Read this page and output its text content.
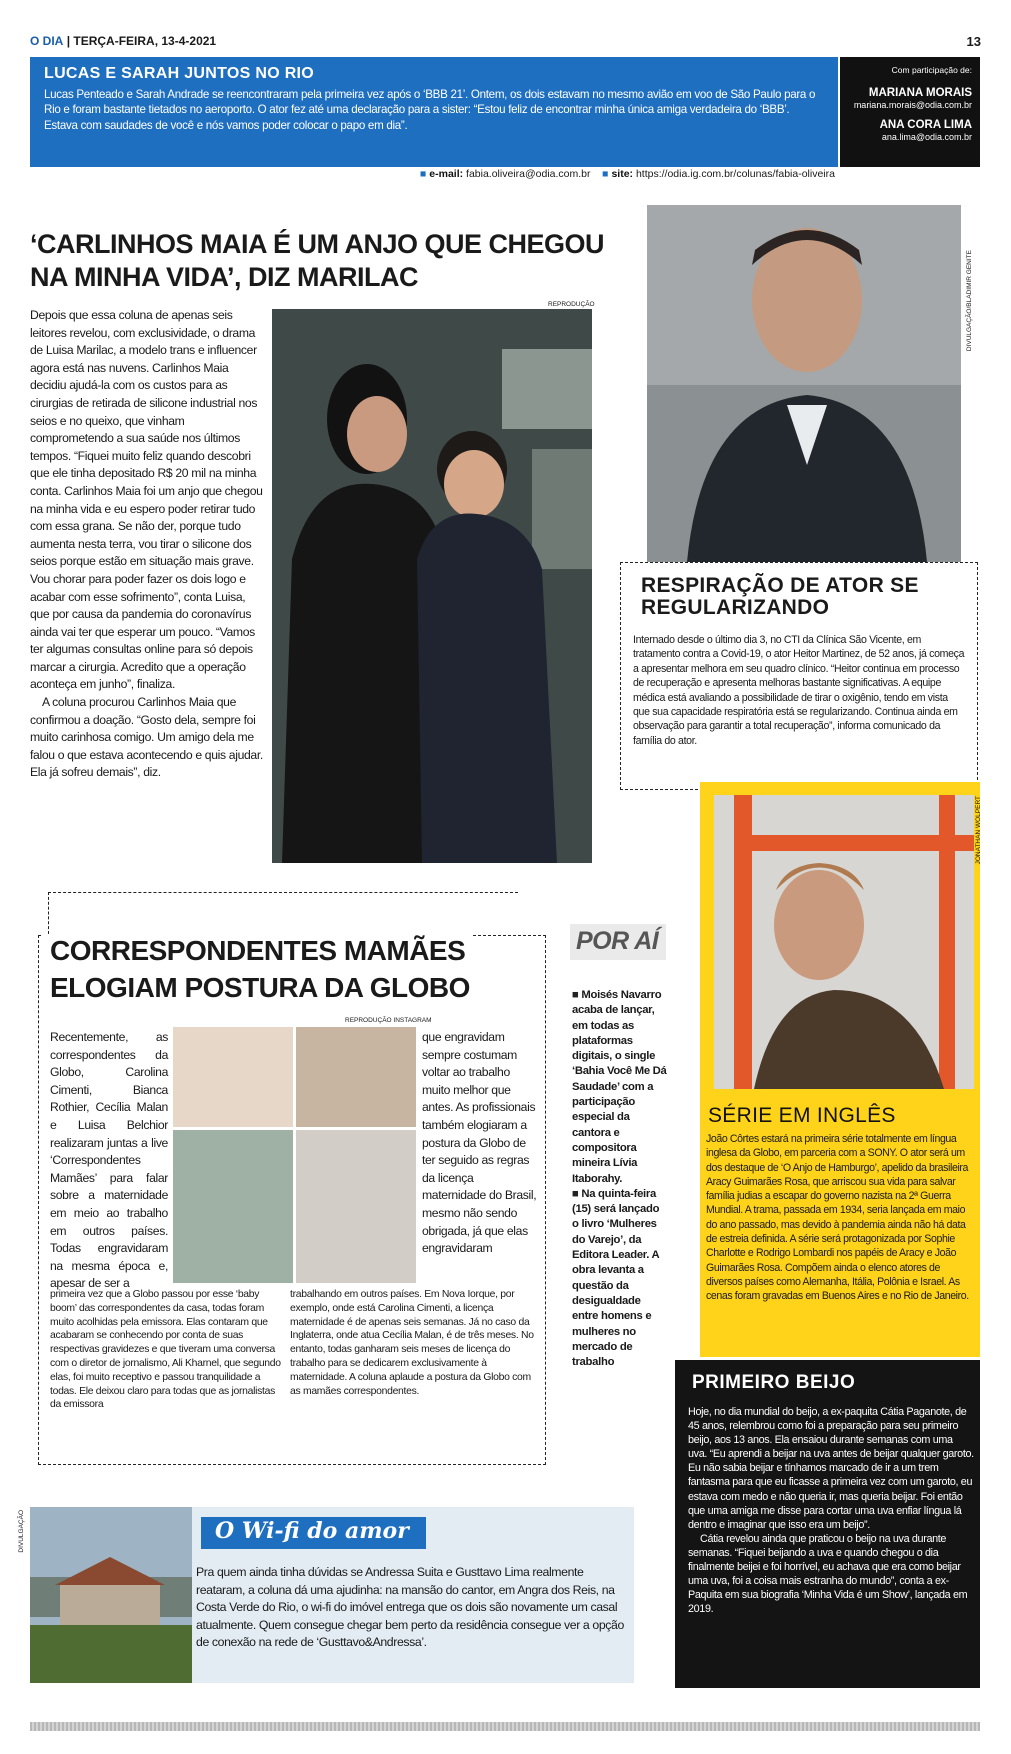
O DIA | TERÇA-FEIRA, 13-4-2021	13
LUCAS E SARAH JUNTOS NO RIO

Lucas Penteado e Sarah Andrade se reencontraram pela primeira vez após o ‘BBB 21’. Ontem, os dois estavam no mesmo avião em voo de São Paulo para o Rio e foram bastante tietados no aeroporto. O ator fez até uma declaração para a sister: “Estou feliz de encontrar minha única amiga verdadeira do ‘BBB’. Estava com saudades de você e nós vamos poder colocar o papo em dia”.

Com participação de:
MARIANA MORAIS
mariana.morais@odia.com.br
ANA CORA LIMA
ana.lima@odia.com.br
■ e-mail: fabia.oliveira@odia.com.br ■ site: https://odia.ig.com.br/colunas/fabia-oliveira
‘CARLINHOS MAIA É UM ANJO QUE CHEGOU NA MINHA VIDA’, DIZ MARILAC
REPRODUÇÃO

Depois que essa coluna de apenas seis leitores revelou, com exclusividade, o drama de Luisa Marilac, a modelo trans e influencer agora está nas nuvens. Carlinhos Maia decidiu ajudá-la com os custos para as cirurgias de retirada de silicone industrial nos seios e no queixo, que vinham comprometendo a sua saúde nos últimos tempos. “Fiquei muito feliz quando descobri que ele tinha depositado R$ 20 mil na minha conta. Carlinhos Maia foi um anjo que chegou na minha vida e eu espero poder retirar tudo com essa grana. Se não der, porque tudo aumenta nesta terra, vou tirar o silicone dos seios porque estão em situação mais grave. Vou chorar para poder fazer os dois logo e acabar com esse sofrimento”, conta Luisa, que por causa da pandemia do coronavírus ainda vai ter que esperar um pouco. “Vamos ter algumas consultas online para só depois marcar a cirurgia. Acredito que a operação aconteça em junho”, finaliza.

A coluna procurou Carlinhos Maia que confirmou a doação. “Gosto dela, sempre foi muito carinhosa comigo. Um amigo dela me falou o que estava acontecendo e quis ajudar. Ela já sofreu demais”, diz.

DIVULGAÇÃO/BLADIMIR GENITE
RESPIRAÇÃO DE ATOR SE REGULARIZANDO

Internado desde o último dia 3, no CTI da Clínica São Vicente, em tratamento contra a Covid-19, o ator Heitor Martinez, de 52 anos, já começa a apresentar melhora em seu quadro clínico. “Heitor continua em processo de recuperação e apresenta melhoras bastante significativas. A equipe médica está avaliando a possibilidade de tirar o oxigênio, tendo em vista que sua capacidade respiratória está se regularizando. Continua ainda em observação para garantir a total recuperação”, informa comunicado da família do ator.

CORRESPONDENTES MAMÃES
ELOGIAM POSTURA DA GLOBO
REPRODUÇÃO INSTAGRAM
Recentemente, as correspondentes da Globo, Carolina Cimenti, Bianca Rothier, Cecília Malan e Luisa Belchior realizaram juntas a live ‘Correspondentes Mamães’ para falar sobre a maternidade em meio ao trabalho em outros países. Todas engravidaram na mesma época e, apesar de ser a
que engravidam sempre costumam voltar ao trabalho muito melhor que antes. As profissionais também elogiaram a postura da Globo de ter seguido as regras da licença maternidade do Brasil, mesmo não sendo obrigada, já que elas engravidaram
primeira vez que a Globo passou por esse ‘baby boom’ das correspondentes da casa, todas foram muito acolhidas pela emissora. Elas contaram que acabaram se conhecendo por conta de suas respectivas gravidezes e que tiveram uma conversa com o diretor de jornalismo, Ali Kharnel, que segundo elas, foi muito receptivo e passou tranquilidade a todas. Ele deixou claro para todas que as jornalistas da emissora
trabalhando em outros países. Em Nova Iorque, por exemplo, onde está Carolina Cimenti, a licença maternidade é de apenas seis semanas. Já no caso da Inglaterra, onde atua Cecília Malan, é de três meses. No entanto, todas ganharam seis meses de licença do trabalho para se dedicarem exclusivamente à maternidade. A coluna aplaude a postura da Globo com as mamães correspondentes.
POR AÍ
■ Moisés Navarro acaba de lançar, em todas as plataformas digitais, o single ‘Bahia Você Me Dá Saudade’ com a participação especial da cantora e compositora mineira Lívia Itaborahy.
■ Na quinta-feira (15) será lançado o livro ‘Mulheres do Varejo’, da Editora Leader. A obra levanta a questão da desigualdade entre homens e mulheres no mercado de trabalho
JONATHAN WOLPERT
SÉRIE EM INGLÊS
João Côrtes estará na primeira série totalmente em língua inglesa da Globo, em parceria com a SONY. O ator será um dos destaque de ‘O Anjo de Hamburgo’, apelido da brasileira Aracy Guimarães Rosa, que arriscou sua vida para salvar família judias a escapar do governo nazista na 2ª Guerra Mundial. A trama, passada em 1934, seria lançada em maio do ano passado, mas devido à pandemia ainda não há data de estreia definida. A série será protagonizada por Sophie Charlotte e Rodrigo Lombardi nos papéis de Aracy e João Guimarães Rosa. Compõem ainda o elenco atores de diversos países como Alemanha, Itália, Polônia e Israel. As cenas foram gravadas em Buenos Aires e no Rio de Janeiro.
PRIMEIRO BEIJO

Hoje, no dia mundial do beijo, a ex-paquita Cátia Paganote, de 45 anos, relembrou como foi a preparação para seu primeiro beijo, aos 13 anos. Ela ensaiou durante semanas com uma uva. “Eu aprendi a beijar na uva antes de beijar qualquer garoto. Eu não sabia beijar e tínhamos marcado de ir a um trem fantasma para que eu ficasse a primeira vez com um garoto, eu estava com medo e não queria ir, mas queria beijar. Foi então que uma amiga me disse para cortar uma uva enfiar língua lá dentro e imaginar que isso era um beijo”.

Cátia revelou ainda que praticou o beijo na uva durante semanas. “Fiquei beijando a uva e quando chegou o dia finalmente beijei e foi horrível, eu achava que era como beijar uma uva, foi a coisa mais estranha do mundo”, conta a ex-Paquita em sua biografia ‘Minha Vida é um Show’, lançada em 2019.

DIVULGAÇÃO	O Wi-fi do amor
Pra quem ainda tinha dúvidas se Andressa Suita e Gusttavo Lima realmente reataram, a coluna dá uma ajudinha: na mansão do cantor, em Angra dos Reis, na Costa Verde do Rio, o wi-fi do imóvel entrega que os dois são novamente um casal atualmente. Quem consegue chegar bem perto da residência consegue ver a opção de conexão na rede de ‘Gusttavo&Andressa’.
